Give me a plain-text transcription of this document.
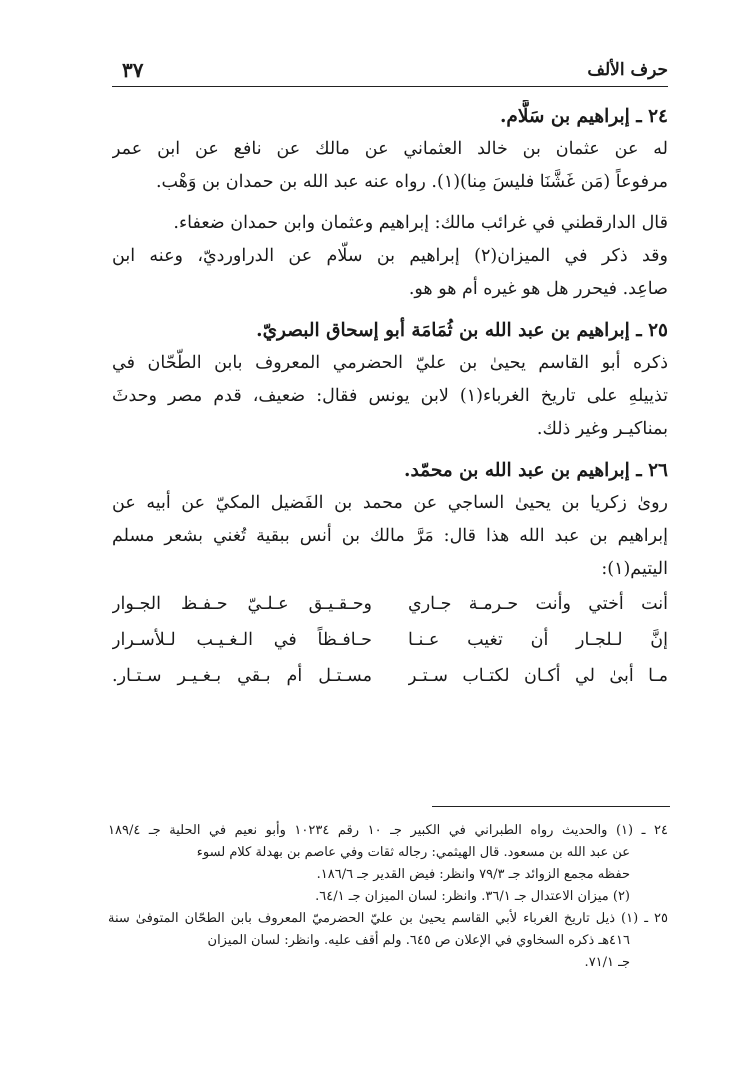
حرف الألف
٣٧
٢٤ ـ إبراهيم بن سَلَّام.
له عن عثمان بن خالد العثماني عن مالك عن نافع عن ابن عمر
مرفوعاً (مَن غَشَّنَا فليسَ مِنا)(١). رواه عنه عبد الله بن حمدان بن وَهْب.
قال الدارقطني في غرائب مالك: إبراهيم وعثمان وابن حمدان ضعفاء.
وقد ذكر في الميزان(٢) إبراهيم بن سلّام عن الدراورديّ، وعنه ابن
صاعِد. فيحرر هل هو غيره أم هو هو.
٢٥ ـ إبراهيم بن عبد الله بن ثُمَامَة أبو إسحاق البصريّ.
ذكره أبو القاسم يحيىٰ بن عليّ الحضرمي المعروف بابن الطّحّان في
تذييلهِ على تاريخ الغرباء(١) لابن يونس فقال: ضعيف، قدم مصر وحدثَ
بمناكيـر وغير ذلك.
٢٦ ـ إبراهيم بن عبد الله بن محمّد.
روىٰ زكريا بن يحيىٰ الساجي عن محمد بن الفَضيل المكيّ عن أبيه عن
إبراهيم بن عبد الله هذا قال: مَرَّ مالك بن أنس ببقية تُغني بشعر مسلم
اليتيم(١):
أنت أختي وأنت حـرمـة جـاري
وحـقـيـق عـلـيّ حـفـظ الجـوار
إنَّ لـلجـار أن تغيب عـنـا
حـافـظاً في الـغـيـب لـلأسـرار
مـا أبىٰ لي أكـان لكتـاب سـتـر
مسـتـل أم بـقي بـغـيـر سـتـار.
٢٤ ـ (١) والحديث رواه الطبراني في الكبير جـ ١٠ رقم ١٠٢٣٤ وأبو نعيم في الحلية جـ ١٨٩/٤
عن عبد الله بن مسعود. قال الهيثمي: رجاله ثقات وفي عاصم بن بهدلة كلام لسوء
حفظه مجمع الزوائد جـ ٧٩/٣ وانظر: فيض القدير جـ ١٨٦/٦.
(٢) ميزان الاعتدال جـ ٣٦/١. وانظر: لسان الميزان جـ ٦٤/١.
٢٥ ـ (١) ذيل تاريخ الغرباء لأبي القاسم يحيىٰ بن عليّ الحضرميّ المعروف بابن الطحّان المتوفىٰ سنة
٤١٦هـ ذكره السخاوي في الإعلان ص ٦٤٥. ولم أقف عليه. وانظر: لسان الميزان
جـ ٧١/١.
